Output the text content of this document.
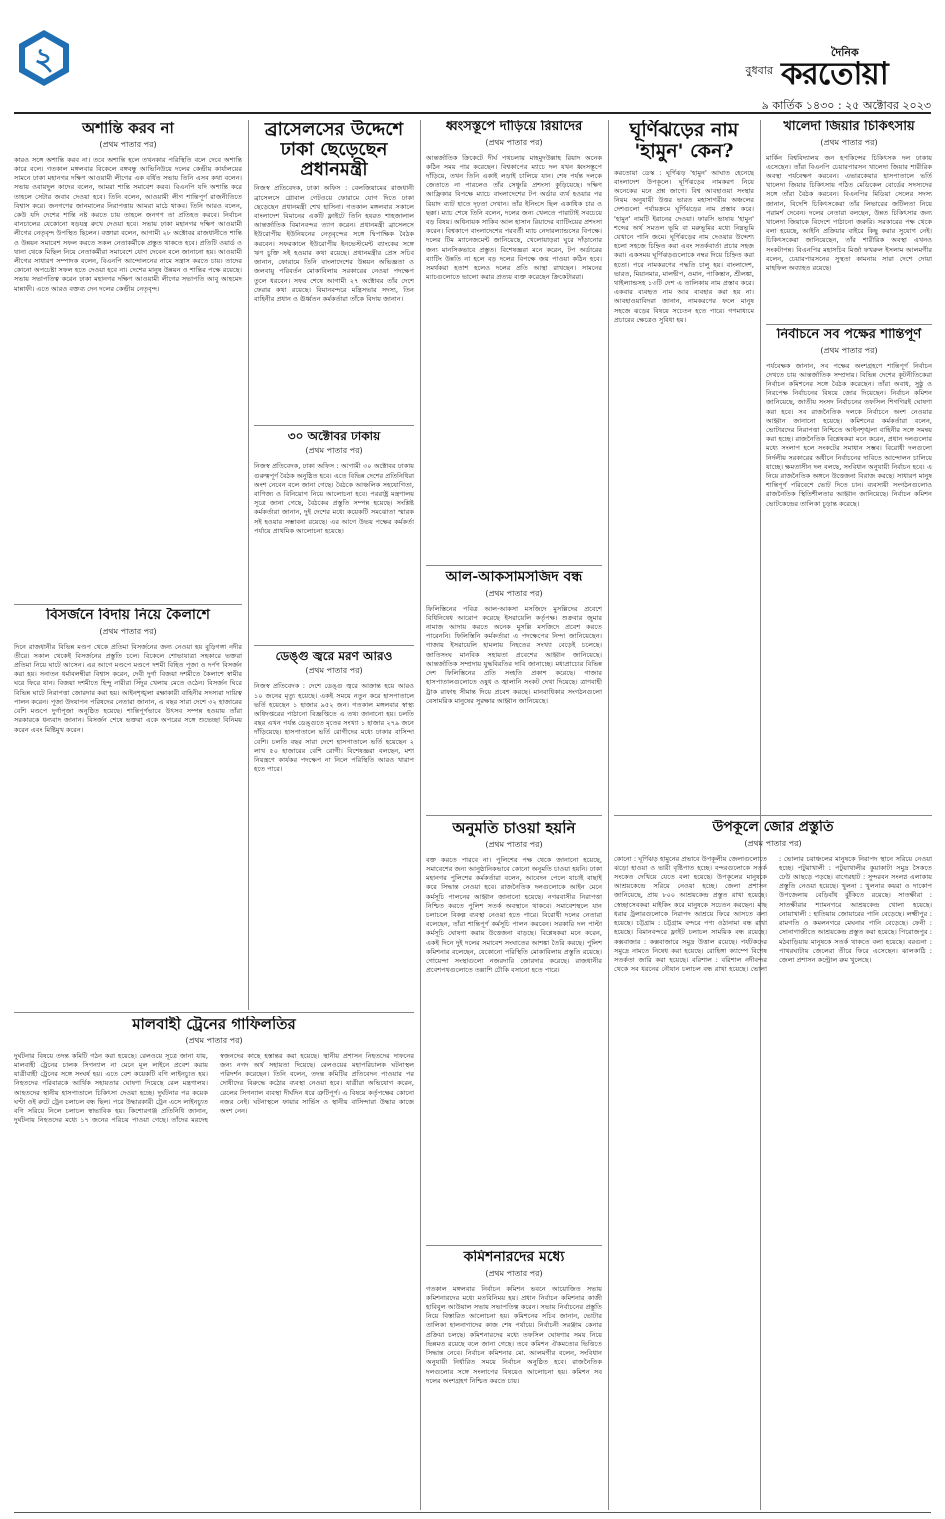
২	বুধবার
দৈনিক
করতোয়া
৯ কার্তিক ১৪৩০ : ২৫ অক্টোবর ২০২৩
অশান্তি করব না
(প্রথম পাতার পর)
কারও সঙ্গে অশান্তি করব না। তবে অশান্তি হলে তখনকার পরিস্থিতি বলে দেবে অশান্তি কারে বলে। গতকাল মঙ্গলবার বিকেলে বঙ্গবন্ধু আভিনিউয়ে দলের কেন্দ্রীয় কার্যালয়ের সামনে ঢাকা মহানগর দক্ষিণ আওয়ামী লীগের এক বর্ধিত সভায় তিনি এসব কথা বলেন। সভায় ওবায়দুল কাদের বলেন, আমরা শান্তি সমাবেশ করব। বিএনপি যদি অশান্তি করে তাহলে সেটার জবাব দেওয়া হবে। তিনি বলেন, আওয়ামী লীগ শান্তিপূর্ণ রাজনীতিতে বিশ্বাস করে। জনগণের জানমালের নিরাপত্তায় আমরা মাঠে থাকব। তিনি আরও বলেন, কেউ যদি দেশের শান্তি নষ্ট করতে চায় তাহলে জনগণ তা প্রতিহত করবে। নির্বাচন বানচালের যেকোনো ষড়যন্ত্র রুখে দেওয়া হবে। সভায় ঢাকা মহানগর দক্ষিণ আওয়ামী লীগের নেতৃবৃন্দ উপস্থিত ছিলেন। বক্তারা বলেন, আগামী ২৮ অক্টোবর রাজধানীতে শান্তি ও উন্নয়ন সমাবেশ সফল করতে সকল নেতাকর্মীকে প্রস্তুত থাকতে হবে। প্রতিটি ওয়ার্ড ও থানা থেকে মিছিল নিয়ে নেতাকর্মীরা সমাবেশে যোগ দেবেন বলে জানানো হয়। আওয়ামী লীগের সাধারণ সম্পাদক বলেন, বিএনপি আন্দোলনের নামে সন্ত্রাস করতে চায়। তাদের কোনো অপচেষ্টা সফল হতে দেওয়া হবে না। দেশের মানুষ উন্নয়ন ও শান্তির পক্ষে রয়েছে। সভায় সভাপতিত্ব করেন ঢাকা মহানগর দক্ষিণ আওয়ামী লীগের সভাপতি আবু আহমেদ মান্নাফী। এতে আরও বক্তব্য দেন দলের কেন্দ্রীয় নেতৃবৃন্দ।
ব্রাসেলসের উদ্দেশে ঢাকা ছেড়েছেন প্রধানমন্ত্রী
নিজস্ব প্রতিবেদক, ঢাকা অফিস : বেলজিয়ামের রাজধানী ব্রাসেলসে গ্লোবাল গেটওয়ে ফোরামে যোগ দিতে ঢাকা ছেড়েছেন প্রধানমন্ত্রী শেখ হাসিনা। গতকাল মঙ্গলবার সকালে বাংলাদেশ বিমানের একটি ফ্লাইটে তিনি হযরত শাহজালাল আন্তর্জাতিক বিমানবন্দর ত্যাগ করেন। প্রধানমন্ত্রী ব্রাসেলসে ইউরোপীয় ইউনিয়নের নেতৃবৃন্দের সঙ্গে দ্বিপাক্ষিক বৈঠক করবেন। সফরকালে ইউরোপীয় ইনভেস্টমেন্ট ব্যাংকের সঙ্গে ঋণ চুক্তি সই হওয়ার কথা রয়েছে। প্রধানমন্ত্রীর প্রেস সচিব জানান, ফোরামে তিনি বাংলাদেশের উন্নয়ন অভিজ্ঞতা ও জলবায়ু পরিবর্তন মোকাবিলায় সরকারের নেওয়া পদক্ষেপ তুলে ধরবেন। সফর শেষে আগামী ২৭ অক্টোবর তাঁর দেশে ফেরার কথা রয়েছে। বিমানবন্দরে মন্ত্রিসভার সদস্য, তিন বাহিনীর প্রধান ও ঊর্ধ্বতন কর্মকর্তারা তাঁকে বিদায় জানান।
৩০ অক্টোবর ঢাকায়
(প্রথম পাতার পর)
নিজস্ব প্রতিবেদক, ঢাকা অফিস : আগামী ৩০ অক্টোবর ঢাকায় গুরুত্বপূর্ণ বৈঠক অনুষ্ঠিত হবে। এতে বিভিন্ন দেশের প্রতিনিধিরা অংশ নেবেন বলে জানা গেছে। বৈঠকে আঞ্চলিক সহযোগিতা, বাণিজ্য ও বিনিয়োগ নিয়ে আলোচনা হবে। পররাষ্ট্র মন্ত্রণালয় সূত্রে জানা গেছে, বৈঠকের প্রস্তুতি সম্পন্ন হয়েছে। সংশ্লিষ্ট কর্মকর্তারা জানান, দুই দেশের মধ্যে কয়েকটি সমঝোতা স্মারক সই হওয়ার সম্ভাবনা রয়েছে। এর আগে উভয় পক্ষের কর্মকর্তা পর্যায়ে প্রাথমিক আলোচনা হয়েছে।
ডেঙ্গু জ্বরে মরণ আরও
(প্রথম পাতার পর)
নিজস্ব প্রতিবেদক : দেশে ডেঙ্গু জ্বরে আক্রান্ত হয়ে আরও ১০ জনের মৃত্যু হয়েছে। একই সময়ে নতুন করে হাসপাতালে ভর্তি হয়েছেন ১ হাজার ৯৫২ জন। গতকাল মঙ্গলবার স্বাস্থ্য অধিদপ্তরের পাঠানো বিজ্ঞপ্তিতে এ তথ্য জানানো হয়। চলতি বছর এখন পর্যন্ত ডেঙ্গুতে মৃতের সংখ্যা ১ হাজার ২৭৯ জনে দাঁড়িয়েছে। হাসপাতালে ভর্তি রোগীদের মধ্যে ঢাকার বাসিন্দা বেশি। চলতি বছর সারা দেশে হাসপাতালে ভর্তি হয়েছেন ২ লাখ ৫০ হাজারের বেশি রোগী। বিশেষজ্ঞরা বলছেন, মশা নিয়ন্ত্রণে কার্যকর পদক্ষেপ না নিলে পরিস্থিতি আরও খারাপ হতে পারে।
বিসর্জনে বিদায় নিয়ে কৈলাশে
(প্রথম পাতার পর)
দিনে রাজধানীর বিভিন্ন মণ্ডপ থেকে প্রতিমা বিসর্জনের জন্য নেওয়া হয় বুড়িগঙ্গা নদীর তীরে। সকাল থেকেই বিসর্জনের প্রস্তুতি চলে। বিকেলে শোভাযাত্রা সহকারে ভক্তরা প্রতিমা নিয়ে ঘাটে আসেন। এর আগে মণ্ডপে মণ্ডপে দশমী বিহিত পূজা ও দর্পণ বিসর্জন করা হয়। সনাতন ধর্মাবলম্বীরা বিশ্বাস করেন, দেবী দুর্গা বিজয়া দশমীতে কৈলাশে স্বামীর ঘরে ফিরে যান। বিজয়া দশমীতে হিন্দু নারীরা সিঁদুর খেলায় মেতে ওঠেন। বিসর্জন ঘিরে বিভিন্ন ঘাটে নিরাপত্তা জোরদার করা হয়। আইনশৃঙ্খলা রক্ষাকারী বাহিনীর সদস্যরা দায়িত্ব পালন করেন। পূজা উদযাপন পরিষদের নেতারা জানান, এ বছর সারা দেশে ৩২ হাজারের বেশি মণ্ডপে দুর্গাপূজা অনুষ্ঠিত হয়েছে। শান্তিপূর্ণভাবে উৎসব সম্পন্ন হওয়ায় তাঁরা সরকারকে ধন্যবাদ জানান। বিসর্জন শেষে ভক্তরা একে অপরের সঙ্গে শুভেচ্ছা বিনিময় করেন এবং মিষ্টিমুখ করেন।
মালবাহী ট্রেনের গাফিলতির
(প্রথম পাতার পর)
দুর্ঘটনার বিষয়ে তদন্ত কমিটি গঠন করা হয়েছে। রেলওয়ে সূত্রে জানা যায়, মালবাহী ট্রেনের চালক সিগন্যাল না মেনে মূল লাইনে প্রবেশ করায় যাত্রীবাহী ট্রেনের সঙ্গে সংঘর্ষ হয়। এতে বেশ কয়েকটি বগি লাইনচ্যুত হয়। নিহতদের পরিবারকে আর্থিক সহায়তার ঘোষণা দিয়েছে রেল মন্ত্রণালয়। আহতদের স্থানীয় হাসপাতালে চিকিৎসা দেওয়া হচ্ছে। দুর্ঘটনার পর কয়েক ঘণ্টা ওই রুটে ট্রেন চলাচল বন্ধ ছিল। পরে উদ্ধারকারী ট্রেন এসে লাইনচ্যুত বগি সরিয়ে নিলে চলাচল স্বাভাবিক হয়। কিশোরগঞ্জ প্রতিনিধি জানান, দুর্ঘটনায় নিহতদের মধ্যে ১৭ জনের পরিচয় পাওয়া গেছে। তাঁদের মরদেহ স্বজনদের কাছে হস্তান্তর করা হয়েছে। স্থানীয় প্রশাসন নিহতদের দাফনের জন্য নগদ অর্থ সহায়তা দিয়েছে। রেলওয়ের মহাপরিচালক ঘটনাস্থল পরিদর্শন করেছেন। তিনি বলেন, তদন্ত কমিটির প্রতিবেদন পাওয়ার পর দোষীদের বিরুদ্ধে কঠোর ব্যবস্থা নেওয়া হবে। যাত্রীরা অভিযোগ করেন, রেলের সিগন্যাল ব্যবস্থা দীর্ঘদিন ধরে ত্রুটিপূর্ণ। এ বিষয়ে কর্তৃপক্ষের কোনো নজর নেই। ঘটনাস্থলে ফায়ার সার্ভিস ও স্থানীয় বাসিন্দারা উদ্ধার কাজে অংশ নেন।
ধ্বংসস্তূপে দাঁড়িয়ে রিয়াদের
(প্রথম পাতার পর)
আন্তর্জাতিক ক্রিকেটে দীর্ঘ পথচলায় মাহমুদউল্লাহ রিয়াদ অনেক কঠিন সময় পার করেছেন। বিশ্বকাপের ম্যাচে দল যখন ধ্বংসস্তূপে দাঁড়িয়ে, তখন তিনি একাই লড়াই চালিয়ে যান। শেষ পর্যন্ত দলকে জেতাতে না পারলেও তাঁর সেঞ্চুরি প্রশংসা কুড়িয়েছে। দক্ষিণ আফ্রিকার বিপক্ষে ম্যাচে বাংলাদেশের টপ অর্ডার ব্যর্থ হওয়ার পর রিয়াদ ব্যাট হাতে দৃঢ়তা দেখান। তাঁর ইনিংসে ছিল একাধিক চার ও ছক্কা। ম্যাচ শেষে তিনি বলেন, দলের জন্য খেলতে পারাটাই সবচেয়ে বড় বিষয়। অধিনায়ক সাকিব আল হাসান রিয়াদের ব্যাটিংয়ের প্রশংসা করেন। বিশ্বকাপে বাংলাদেশের পরবর্তী ম্যাচ নেদারল্যান্ডসের বিপক্ষে। দলের টিম ম্যানেজমেন্ট জানিয়েছে, খেলোয়াড়রা ঘুরে দাঁড়ানোর জন্য মানসিকভাবে প্রস্তুত। বিশেষজ্ঞরা মনে করেন, টপ অর্ডারের ব্যাটিং উন্নতি না হলে বড় দলের বিপক্ষে জয় পাওয়া কঠিন হবে। সমর্থকরা হতাশ হলেও দলের প্রতি আস্থা রাখছেন। সামনের ম্যাচগুলোতে ভালো করার প্রত্যয় ব্যক্ত করেছেন ক্রিকেটাররা।
আল-আকসামসজিদ বন্ধ
(প্রথম পাতার পর)
ফিলিস্তিনের পবিত্র আল-আকসা মসজিদে মুসল্লিদের প্রবেশে বিধিনিষেধ আরোপ করেছে ইসরায়েলি কর্তৃপক্ষ। শুক্রবার জুমার নামাজ আদায় করতে অনেক মুসল্লি মসজিদে প্রবেশ করতে পারেননি। ফিলিস্তিনি কর্মকর্তারা এ পদক্ষেপের নিন্দা জানিয়েছেন। গাজায় ইসরায়েলি হামলায় নিহতের সংখ্যা বেড়েই চলেছে। জাতিসংঘ মানবিক সহায়তা প্রবেশের আহ্বান জানিয়েছে। আন্তর্জাতিক সম্প্রদায় যুদ্ধবিরতির দাবি জানাচ্ছে। মধ্যপ্রাচ্যের বিভিন্ন দেশ ফিলিস্তিনের প্রতি সংহতি প্রকাশ করেছে। গাজার হাসপাতালগুলোতে ওষুধ ও জ্বালানি সংকট দেখা দিয়েছে। ত্রাণবাহী ট্রাক রাফাহ সীমান্ত দিয়ে প্রবেশ করছে। মানবাধিকার সংগঠনগুলো বেসামরিক মানুষের সুরক্ষার আহ্বান জানিয়েছে।
ঘূর্ণিঝড়ের নাম 'হামুন' কেন?
করতোয়া ডেস্ক : ঘূর্ণিঝড় 'হামুন' আঘাত হেনেছে বাংলাদেশ উপকূলে। ঘূর্ণিঝড়ের নামকরণ নিয়ে অনেকের মনে প্রশ্ন জাগে। বিশ্ব আবহাওয়া সংস্থার নিয়ম অনুযায়ী উত্তর ভারত মহাসাগরীয় অঞ্চলের দেশগুলো পর্যায়ক্রমে ঘূর্ণিঝড়ের নাম প্রস্তাব করে। 'হামুন' নামটি ইরানের দেওয়া। ফারসি ভাষায় 'হামুন' শব্দের অর্থ সমতল ভূমি বা মরুভূমির মধ্যে নিম্নভূমি যেখানে পানি জমে। ঘূর্ণিঝড়ের নাম দেওয়ার উদ্দেশ্য হলো সহজে চিহ্নিত করা এবং সতর্কবার্তা প্রচার সহজ করা। একসময় ঘূর্ণিঝড়গুলোকে নম্বর দিয়ে চিহ্নিত করা হতো। পরে নামকরণের পদ্ধতি চালু হয়। বাংলাদেশ, ভারত, মিয়ানমার, মালদ্বীপ, ওমান, পাকিস্তান, শ্রীলঙ্কা, থাইল্যান্ডসহ ১৩টি দেশ এ তালিকায় নাম প্রস্তাব করে। একবার ব্যবহৃত নাম আর ব্যবহার করা হয় না। আবহাওয়াবিদরা জানান, নামকরণের ফলে মানুষ সহজে ঝড়ের বিষয়ে সচেতন হতে পারে। গণমাধ্যমে প্রচারের ক্ষেত্রেও সুবিধা হয়।
খালেদা জিয়ার চিকিৎসায়
(প্রথম পাতার পর)
মার্কিন বিশ্ববিদ্যালয় জন হপকিন্সের চিকিৎসক দল ঢাকায় এসেছেন। তাঁরা বিএনপি চেয়ারপারসন খালেদা জিয়ার শারীরিক অবস্থা পর্যবেক্ষণ করবেন। এভারকেয়ার হাসপাতালে ভর্তি খালেদা জিয়ার চিকিৎসায় গঠিত মেডিকেল বোর্ডের সদস্যদের সঙ্গে তাঁরা বৈঠক করবেন। বিএনপির মিডিয়া সেলের সদস্য জানান, বিদেশি চিকিৎসকেরা তাঁর লিভারের জটিলতা নিয়ে পরামর্শ দেবেন। দলের নেতারা বলছেন, উন্নত চিকিৎসার জন্য খালেদা জিয়াকে বিদেশে পাঠানো জরুরি। সরকারের পক্ষ থেকে বলা হয়েছে, আইনি প্রক্রিয়ার বাইরে কিছু করার সুযোগ নেই। চিকিৎসকেরা জানিয়েছেন, তাঁর শারীরিক অবস্থা এখনও সংকটাপন্ন। বিএনপির মহাসচিব মির্জা ফখরুল ইসলাম আলমগীর বলেন, চেয়ারপারসনের সুস্থতা কামনায় সারা দেশে দোয়া মাহফিল অব্যাহত রয়েছে।
নির্বাচনে সব পক্ষের শান্তিপূর্ণ
(প্রথম পাতার পর)
পর্যবেক্ষক জানান, সব পক্ষের অংশগ্রহণে শান্তিপূর্ণ নির্বাচন দেখতে চায় আন্তর্জাতিক সম্প্রদায়। বিভিন্ন দেশের কূটনীতিকেরা নির্বাচন কমিশনের সঙ্গে বৈঠক করেছেন। তাঁরা অবাধ, সুষ্ঠু ও নিরপেক্ষ নির্বাচনের বিষয়ে জোর দিয়েছেন। নির্বাচন কমিশন জানিয়েছে, জাতীয় সংসদ নির্বাচনের তফসিল শিগগিরই ঘোষণা করা হবে। সব রাজনৈতিক দলকে নির্বাচনে অংশ নেওয়ার আহ্বান জানানো হয়েছে। কমিশনের কর্মকর্তারা বলেন, ভোটারদের নিরাপত্তা নিশ্চিতে আইনশৃঙ্খলা বাহিনীর সঙ্গে সমন্বয় করা হচ্ছে। রাজনৈতিক বিশ্লেষকরা মনে করেন, প্রধান দলগুলোর মধ্যে সংলাপ হলে সংকটের সমাধান সম্ভব। বিরোধী দলগুলো নির্দলীয় সরকারের অধীনে নির্বাচনের দাবিতে আন্দোলন চালিয়ে যাচ্ছে। ক্ষমতাসীন দল বলছে, সংবিধান অনুযায়ী নির্বাচন হবে। এ নিয়ে রাজনৈতিক অঙ্গনে উত্তেজনা বিরাজ করছে। সাধারণ মানুষ শান্তিপূর্ণ পরিবেশে ভোট দিতে চান। ব্যবসায়ী সংগঠনগুলোও রাজনৈতিক স্থিতিশীলতার আহ্বান জানিয়েছে। নির্বাচন কমিশন ভোটকেন্দ্রের তালিকা চূড়ান্ত করেছে।
অনুমতি চাওয়া হয়নি
(প্রথম পাতার পর)
বক্ত করতে পারবে না। পুলিশের পক্ষ থেকে জানানো হয়েছে, সমাবেশের জন্য আনুষ্ঠানিকভাবে কোনো অনুমতি চাওয়া হয়নি। ঢাকা মহানগর পুলিশের কর্মকর্তারা বলেন, আবেদন পেলে যাচাই বাছাই করে সিদ্ধান্ত নেওয়া হবে। রাজনৈতিক দলগুলোকে আইন মেনে কর্মসূচি পালনের আহ্বান জানানো হয়েছে। নগরবাসীর নিরাপত্তা নিশ্চিত করতে পুলিশ সতর্ক অবস্থানে থাকবে। সমাবেশস্থলে যান চলাচলে বিকল্প ব্যবস্থা নেওয়া হতে পারে। বিরোধী দলের নেতারা বলেছেন, তাঁরা শান্তিপূর্ণ কর্মসূচি পালন করবেন। সরকারি দল পাল্টা কর্মসূচি ঘোষণা করায় উত্তেজনা বাড়ছে। বিশ্লেষকরা মনে করেন, একই দিনে দুই দলের সমাবেশ সংঘাতের আশঙ্কা তৈরি করছে। পুলিশ কমিশনার বলেছেন, যেকোনো পরিস্থিতি মোকাবিলায় প্রস্তুতি রয়েছে। গোয়েন্দা সংস্থাগুলো নজরদারি জোরদার করেছে। রাজধানীর প্রবেশপথগুলোতে তল্লাশি চৌকি বসানো হতে পারে।
কমিশনারদের মধ্যে
(প্রথম পাতার পর)
গতকাল মঙ্গলবার নির্বাচন কমিশন ভবনে আয়োজিত সভায় কমিশনারদের মধ্যে মতবিনিময় হয়। প্রধান নির্বাচন কমিশনার কাজী হাবিবুল আউয়াল সভায় সভাপতিত্ব করেন। সভায় নির্বাচনের প্রস্তুতি নিয়ে বিস্তারিত আলোচনা হয়। কমিশনের সচিব জানান, ভোটার তালিকা হালনাগাদের কাজ শেষ পর্যায়ে। নির্বাচনী সরঞ্জাম কেনার প্রক্রিয়া চলছে। কমিশনারদের মধ্যে তফসিল ঘোষণার সময় নিয়ে ভিন্নমত রয়েছে বলে জানা গেছে। তবে কমিশন ঐকমত্যের ভিত্তিতে সিদ্ধান্ত নেবে। নির্বাচন কমিশনার মো. আলমগীর বলেন, সংবিধান অনুযায়ী নির্ধারিত সময়ে নির্বাচন অনুষ্ঠিত হবে। রাজনৈতিক দলগুলোর সঙ্গে সংলাপের বিষয়েও আলোচনা হয়। কমিশন সব দলের অংশগ্রহণ নিশ্চিত করতে চায়।
উপকূলে জোর প্রস্তুতি
(প্রথম পাতার পর)
কোনো : ঘূর্ণিঝড় হামুনের প্রভাবে উপকূলীয় জেলাগুলোতে ঝড়ো হাওয়া ও ভারী বৃষ্টিপাত হচ্ছে। বন্দরগুলোকে সতর্ক সংকেত দেখিয়ে যেতে বলা হয়েছে। উপকূলের মানুষকে আশ্রয়কেন্দ্রে সরিয়ে নেওয়া হচ্ছে। জেলা প্রশাসন জানিয়েছে, প্রায় ৮০০ আশ্রয়কেন্দ্র প্রস্তুত রাখা হয়েছে। স্বেচ্ছাসেবকরা মাইকিং করে মানুষকে সচেতন করছেন। মাছ ধরার ট্রলারগুলোকে নিরাপদ আশ্রয়ে ফিরে আসতে বলা হয়েছে। চট্টগ্রাম : চট্টগ্রাম বন্দরে পণ্য ওঠানামা বন্ধ রাখা হয়েছে। বিমানবন্দরে ফ্লাইট চলাচল সাময়িক বন্ধ রয়েছে। কক্সবাজার : কক্সবাজারে সমুদ্র উত্তাল রয়েছে। পর্যটকদের সমুদ্রে নামতে নিষেধ করা হয়েছে। রোহিঙ্গা ক্যাম্পে বিশেষ সতর্কতা জারি করা হয়েছে। বরিশাল : বরিশাল নদীবন্দর থেকে সব ধরনের নৌযান চলাচল বন্ধ রাখা হয়েছে। ভোলা : ভোলার চরাঞ্চলের মানুষকে নিরাপদ স্থানে সরিয়ে নেওয়া হচ্ছে। পটুয়াখালী : পটুয়াখালীর কুয়াকাটা সমুদ্র সৈকতে ঢেউ আছড়ে পড়ছে। বাগেরহাট : সুন্দরবন সংলগ্ন এলাকায় প্রস্তুতি নেওয়া হয়েছে। খুলনা : খুলনার কয়রা ও দাকোপ উপজেলায় বেড়িবাঁধ ঝুঁকিতে রয়েছে। সাতক্ষীরা : সাতক্ষীরার শ্যামনগরে আশ্রয়কেন্দ্র খোলা হয়েছে। নোয়াখালী : হাতিয়ায় জোয়ারের পানি বেড়েছে। লক্ষ্মীপুর : রামগতি ও কমলনগরে মেঘনার পানি বেড়েছে। ফেনী : সোনাগাজীতে আশ্রয়কেন্দ্র প্রস্তুত করা হয়েছে। পিরোজপুর : মঠবাড়িয়ায় মানুষকে সতর্ক থাকতে বলা হয়েছে। বরগুনা : পাথরঘাটায় জেলেরা তীরে ফিরে এসেছেন। ঝালকাঠি : জেলা প্রশাসন কন্ট্রোল রুম খুলেছে।
